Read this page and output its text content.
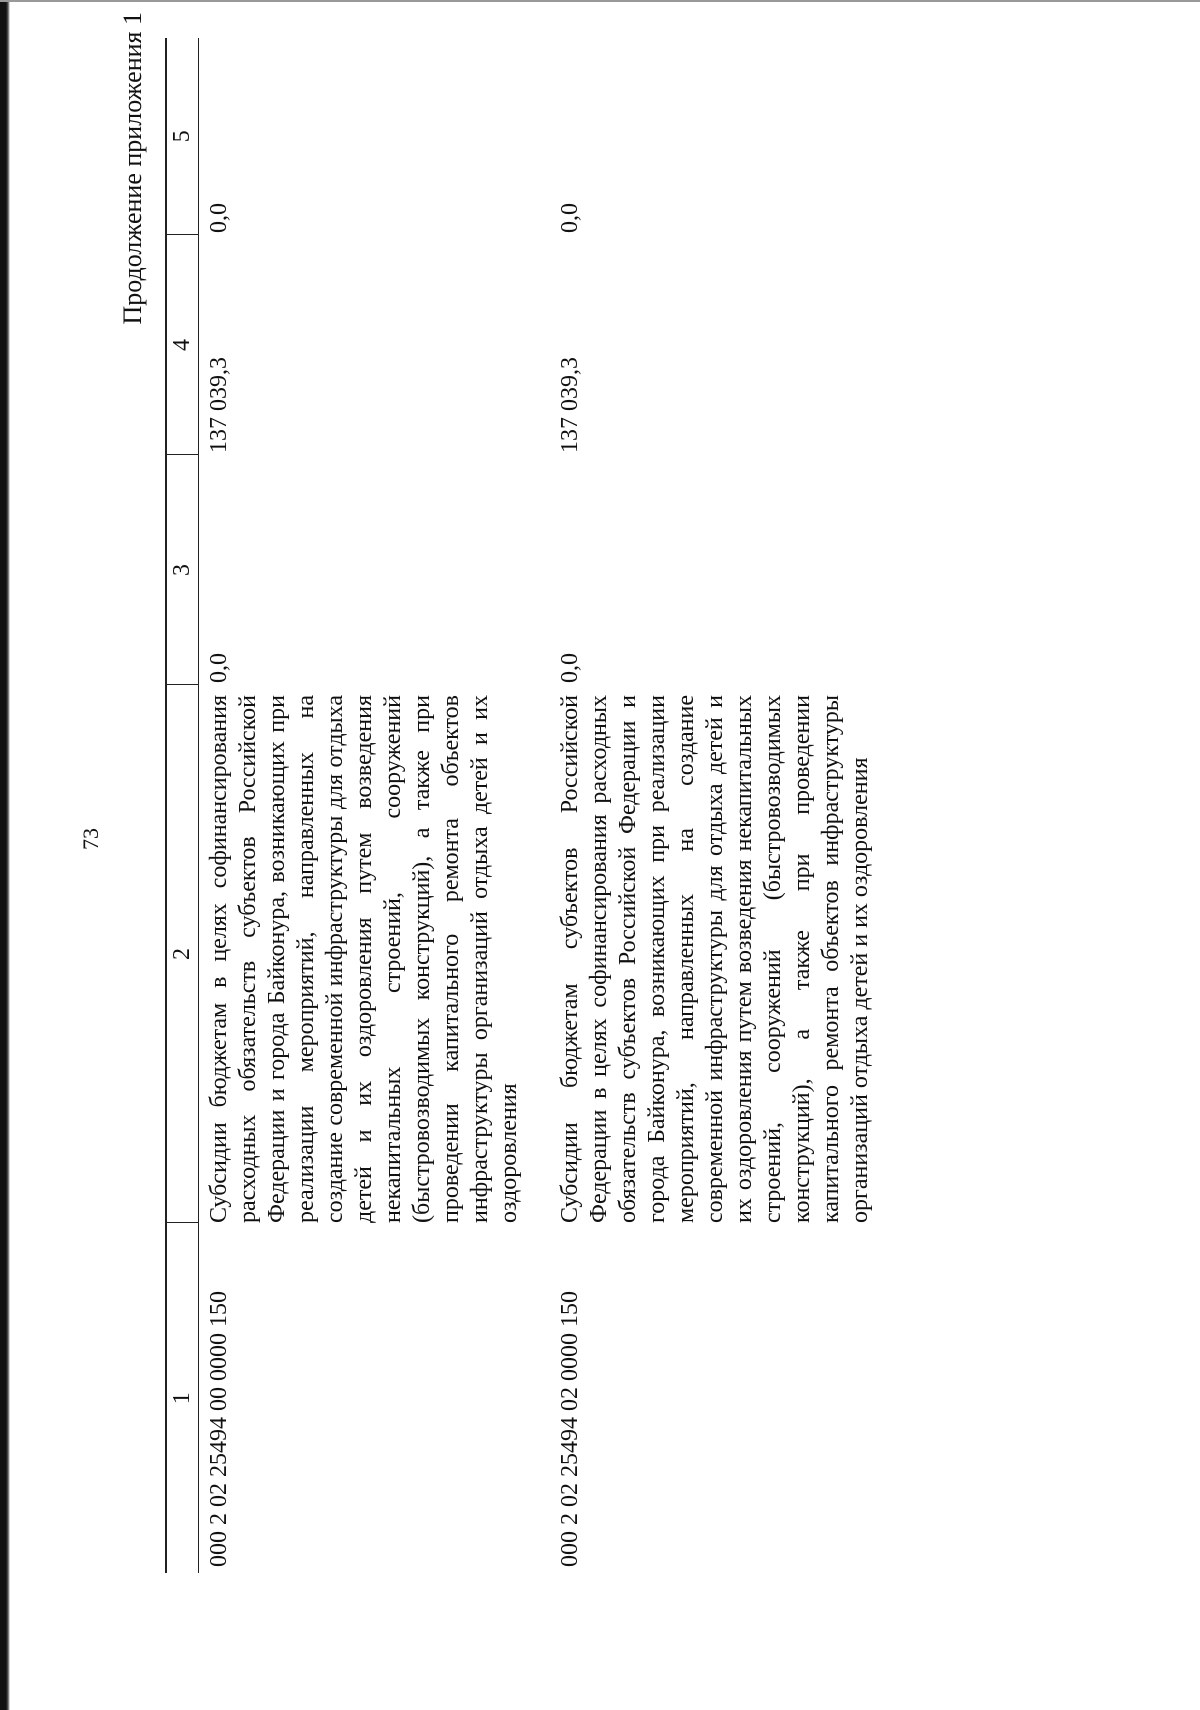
73
Продолжение приложения 1
1	2	3	4	5
000 2 02 25494 00 0000 150	Субсидии бюджетам в целях софинансирования расходных обязательств субъектов Российской Федерации и города Байконура, возникающих при реализации мероприятий, направленных на создание современной инфраструктуры для отдыха детей и их оздоровления путем возведения некапитальных строений, сооружений (быстровозводимых конструкций), а также при проведении капитального ремонта объектов инфраструктуры организаций отдыха детей и их оздоровления	0,0	137 039,3	0,0
000 2 02 25494 02 0000 150	Субсидии бюджетам субъектов Российской Федерации в целях софинансирования расходных обязательств субъектов Российской Федерации и города Байконура, возникающих при реализации мероприятий, направленных на создание современной инфраструктуры для отдыха детей и их оздоровления путем возведения некапитальных строений, сооружений (быстровозводимых конструкций), а также при проведении капитального ремонта объектов инфраструктуры организаций отдыха детей и их оздоровления	0,0	137 039,3	0,0
